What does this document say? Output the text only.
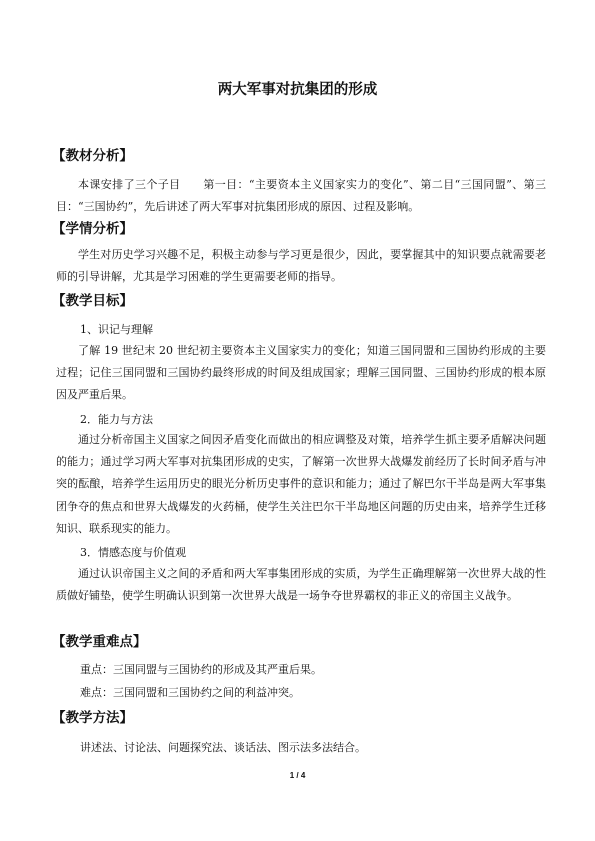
两大军事对抗集团的形成
【教材分析】
本课安排了三个子目　　第一目：“主要资本主义国家实力的变化”、第二目“三国同盟”、第三目：“三国协约”，先后讲述了两大军事对抗集团形成的原因、过程及影响。
【学情分析】
学生对历史学习兴趣不足，积极主动参与学习更是很少，因此，要掌握其中的知识要点就需要老师的引导讲解，尤其是学习困难的学生更需要老师的指导。
【教学目标】
1、识记与理解
了解 19 世纪末 20 世纪初主要资本主义国家实力的变化；知道三国同盟和三国协约形成的主要过程；记住三国同盟和三国协约最终形成的时间及组成国家；理解三国同盟、三国协约形成的根本原因及严重后果。
2．能力与方法
通过分析帝国主义国家之间因矛盾变化而做出的相应调整及对策，培养学生抓主要矛盾解决问题的能力；通过学习两大军事对抗集团形成的史实，了解第一次世界大战爆发前经历了长时间矛盾与冲突的酝酿，培养学生运用历史的眼光分析历史事件的意识和能力；通过了解巴尔干半岛是两大军事集团争夺的焦点和世界大战爆发的火药桶，使学生关注巴尔干半岛地区问题的历史由来，培养学生迁移知识、联系现实的能力。
3．情感态度与价值观
通过认识帝国主义之间的矛盾和两大军事集团形成的实质，为学生正确理解第一次世界大战的性质做好铺垫，使学生明确认识到第一次世界大战是一场争夺世界霸权的非正义的帝国主义战争。
【教学重难点】
重点：三国同盟与三国协约的形成及其严重后果。
难点：三国同盟和三国协约之间的利益冲突。
【教学方法】
讲述法、讨论法、问题探究法、谈话法、图示法多法结合。
1 / 4
